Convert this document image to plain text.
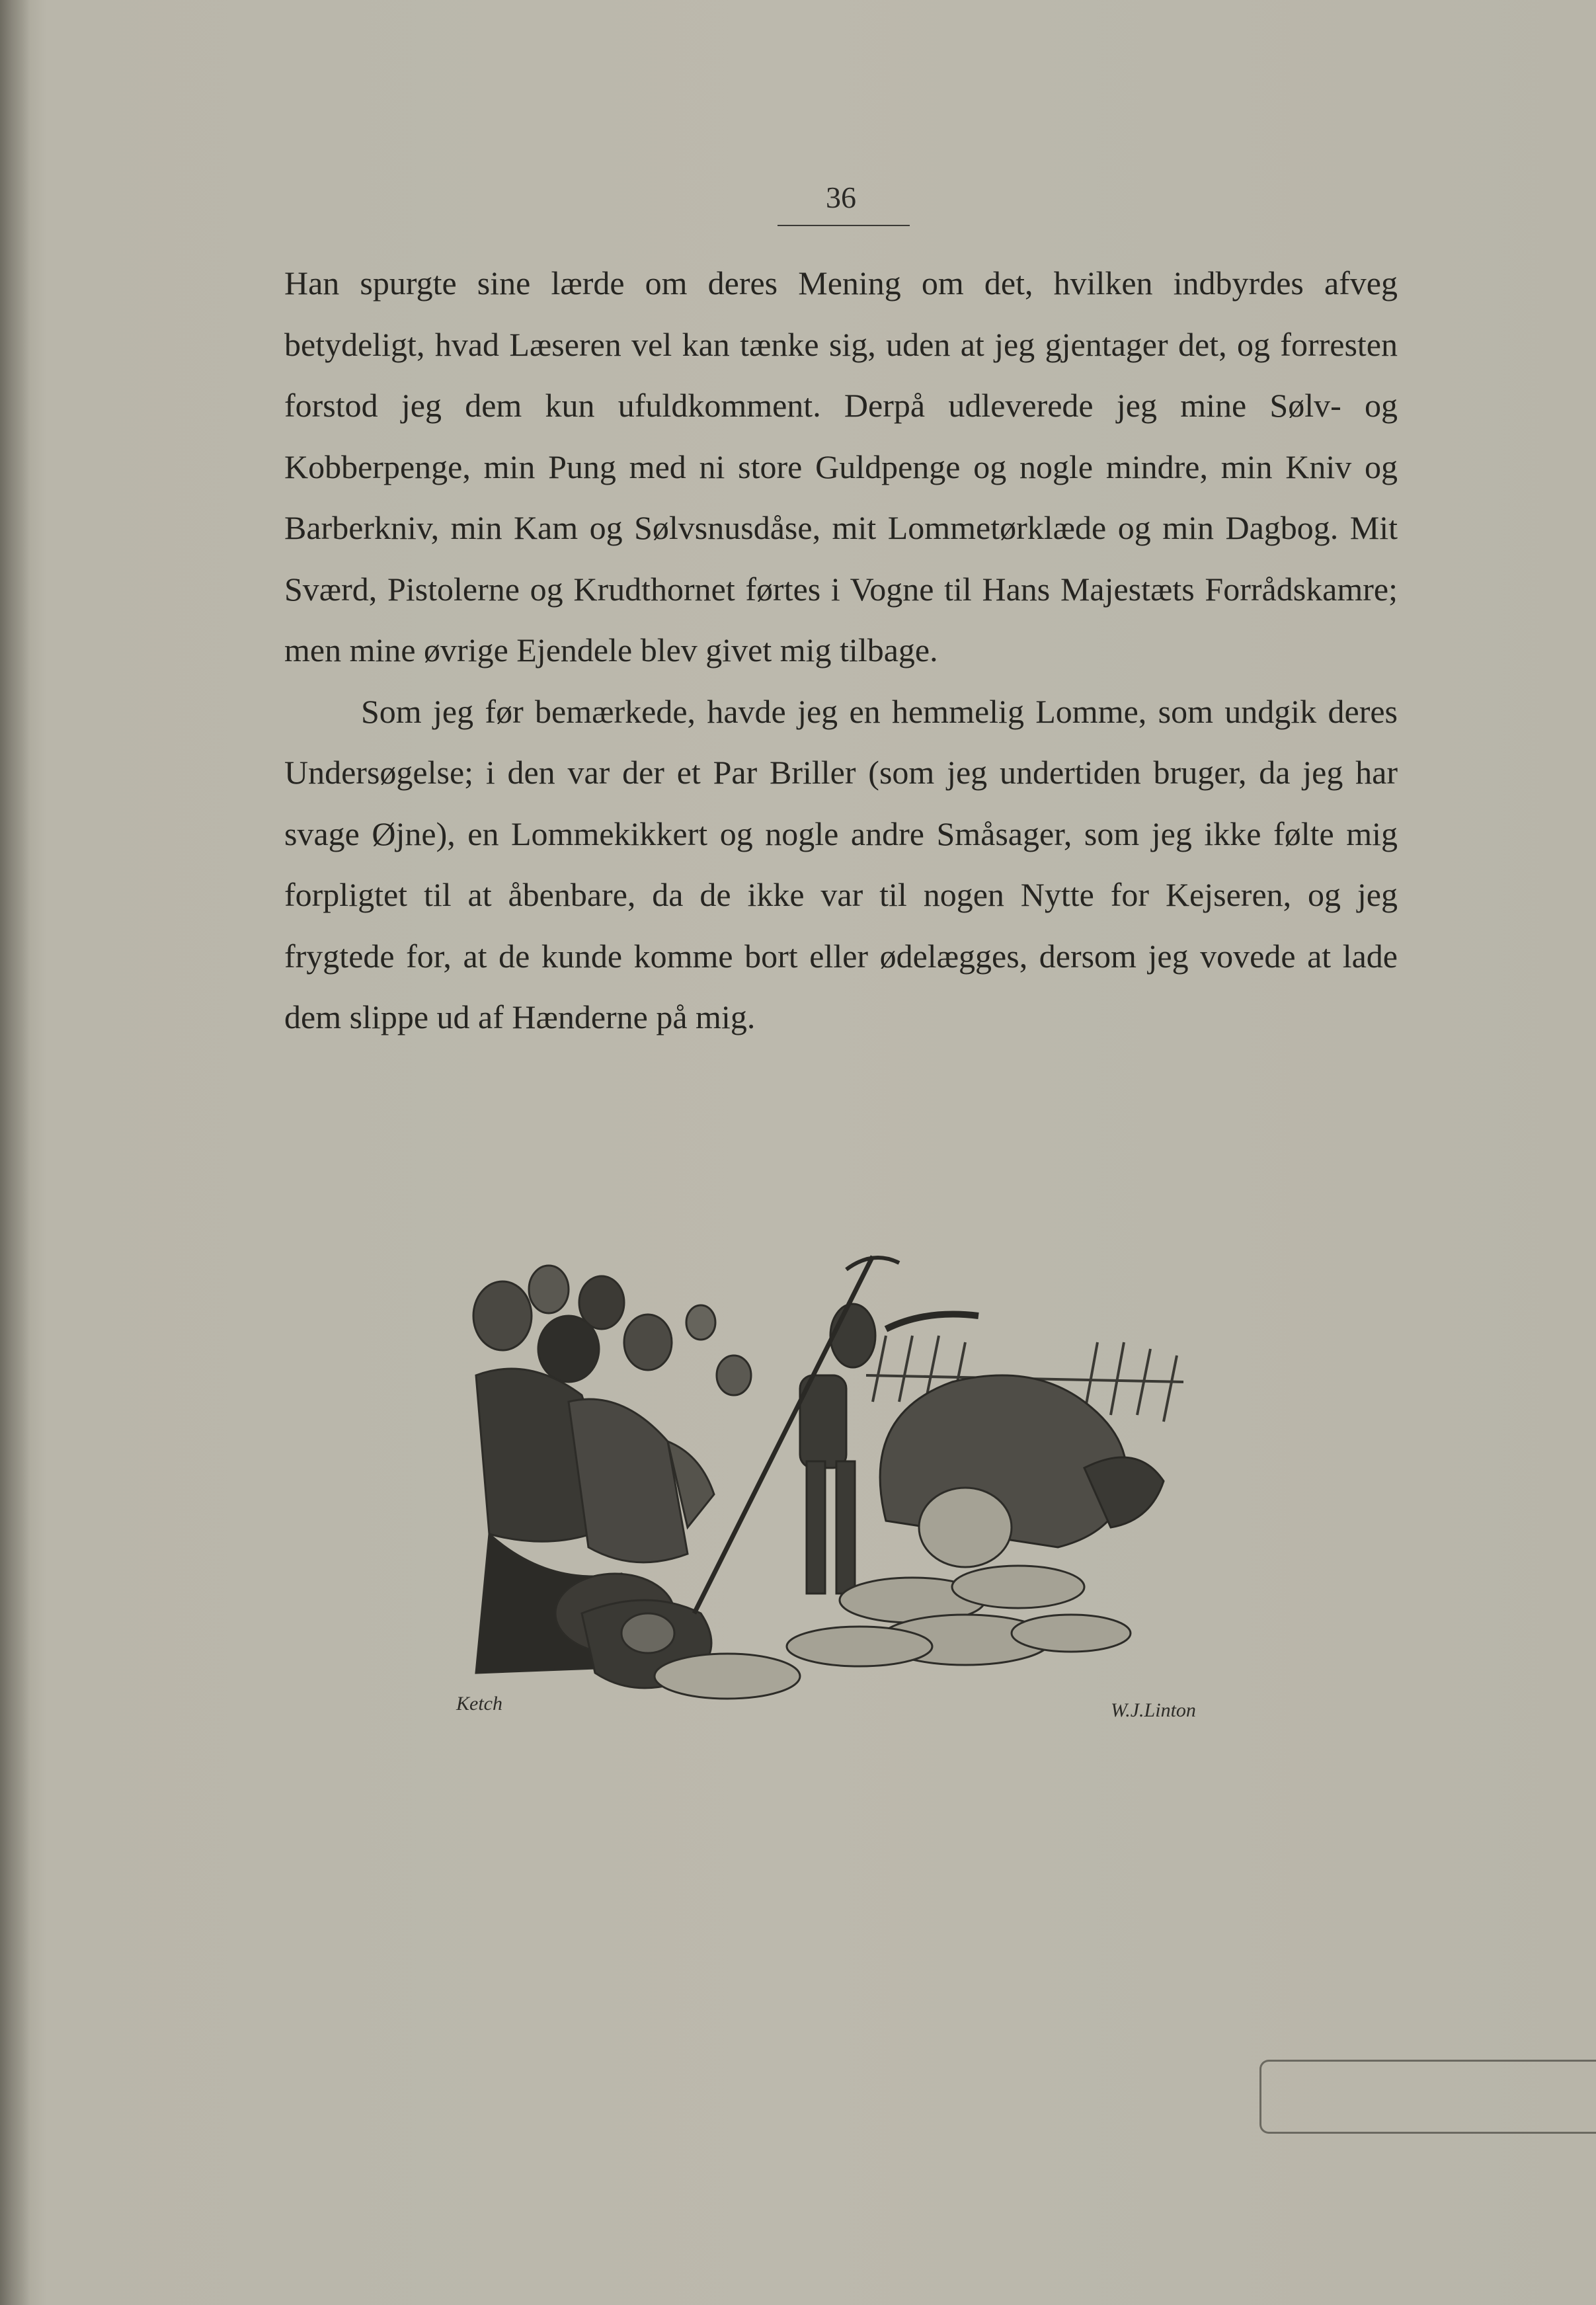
36

Han spurgte sine lærde om deres Mening om det, hvilken indbyrdes afveg betydeligt, hvad Læseren vel kan tænke sig, uden at jeg gjentager det, og forresten forstod jeg dem kun ufuldkomment. Derpå udleverede jeg mine Sølv- og Kobberpenge, min Pung med ni store Guldpenge og nogle mindre, min Kniv og Barberkniv, min Kam og Sølvsnusdåse, mit Lommetørklæde og min Dagbog. Mit Sværd, Pistolerne og Krudthornet førtes i Vogne til Hans Majestæts Forrådskamre; men mine øvrige Ejendele blev givet mig tilbage.

Som jeg før bemærkede, havde jeg en hemmelig Lomme, som undgik deres Undersøgelse; i den var der et Par Briller (som jeg undertiden bruger, da jeg har svage Øjne), en Lommekikkert og nogle andre Småsager, som jeg ikke følte mig forpligtet til at åbenbare, da de ikke var til nogen Nytte for Kejseren, og jeg frygtede for, at de kunde komme bort eller ødelægges, dersom jeg vovede at lade dem slippe ud af Hænderne på mig.

Ketch	W.J.Linton
